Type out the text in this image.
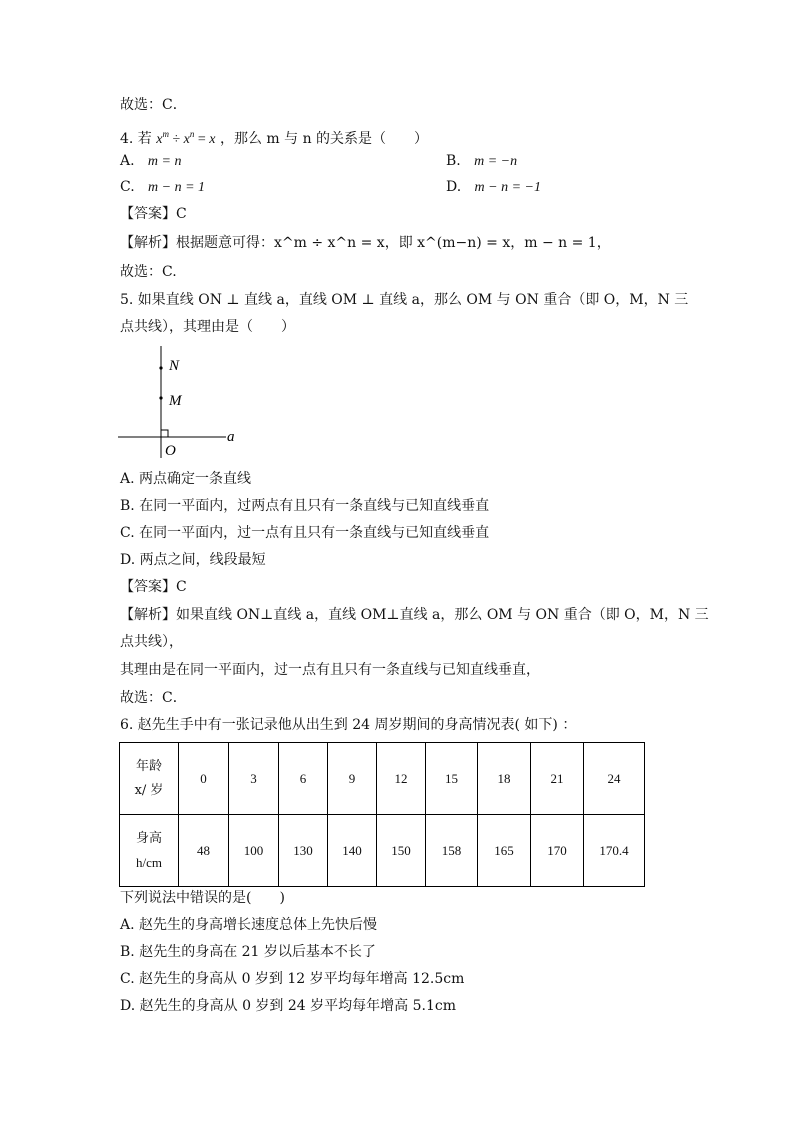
故选：C．
4. 若 $x^m \div x^n = x$ ，那么 m 与 n 的关系是（　　）
A. m = n	B. m = −n
C. m − n = 1	D. m − n = −1
【答案】C
【解析】根据题意可得：x^m ÷ x^n = x，即 x^(m−n) = x，m − n = 1，
故选：C.
5. 如果直线 ON ⊥ 直线 a，直线 OM ⊥ 直线 a，那么 OM 与 ON 重合（即 O，M，N 三
点共线），其理由是（　　）
N
M
O
a
A. 两点确定一条直线
B. 在同一平面内，过两点有且只有一条直线与已知直线垂直
C. 在同一平面内，过一点有且只有一条直线与已知直线垂直
D. 两点之间，线段最短
【答案】C
【解析】如果直线 ON⊥直线 a，直线 OM⊥直线 a，那么 OM 与 ON 重合（即 O，M，N 三
点共线），
其理由是在同一平面内，过一点有且只有一条直线与已知直线垂直，
故选：C．
6. 赵先生手中有一张记录他从出生到 24 周岁期间的身高情况表( 如下) ：
年龄
x/ 岁	0	3	6	9	12	15	18	21	24

身高
h/cm	48	100	130	140	150	158	165	170	170.4
下列说法中错误的是(　　)
A. 赵先生的身高增长速度总体上先快后慢
B. 赵先生的身高在 21 岁以后基本不长了
C. 赵先生的身高从 0 岁到 12 岁平均每年增高 12.5cm
D. 赵先生的身高从 0 岁到 24 岁平均每年增高 5.1cm
